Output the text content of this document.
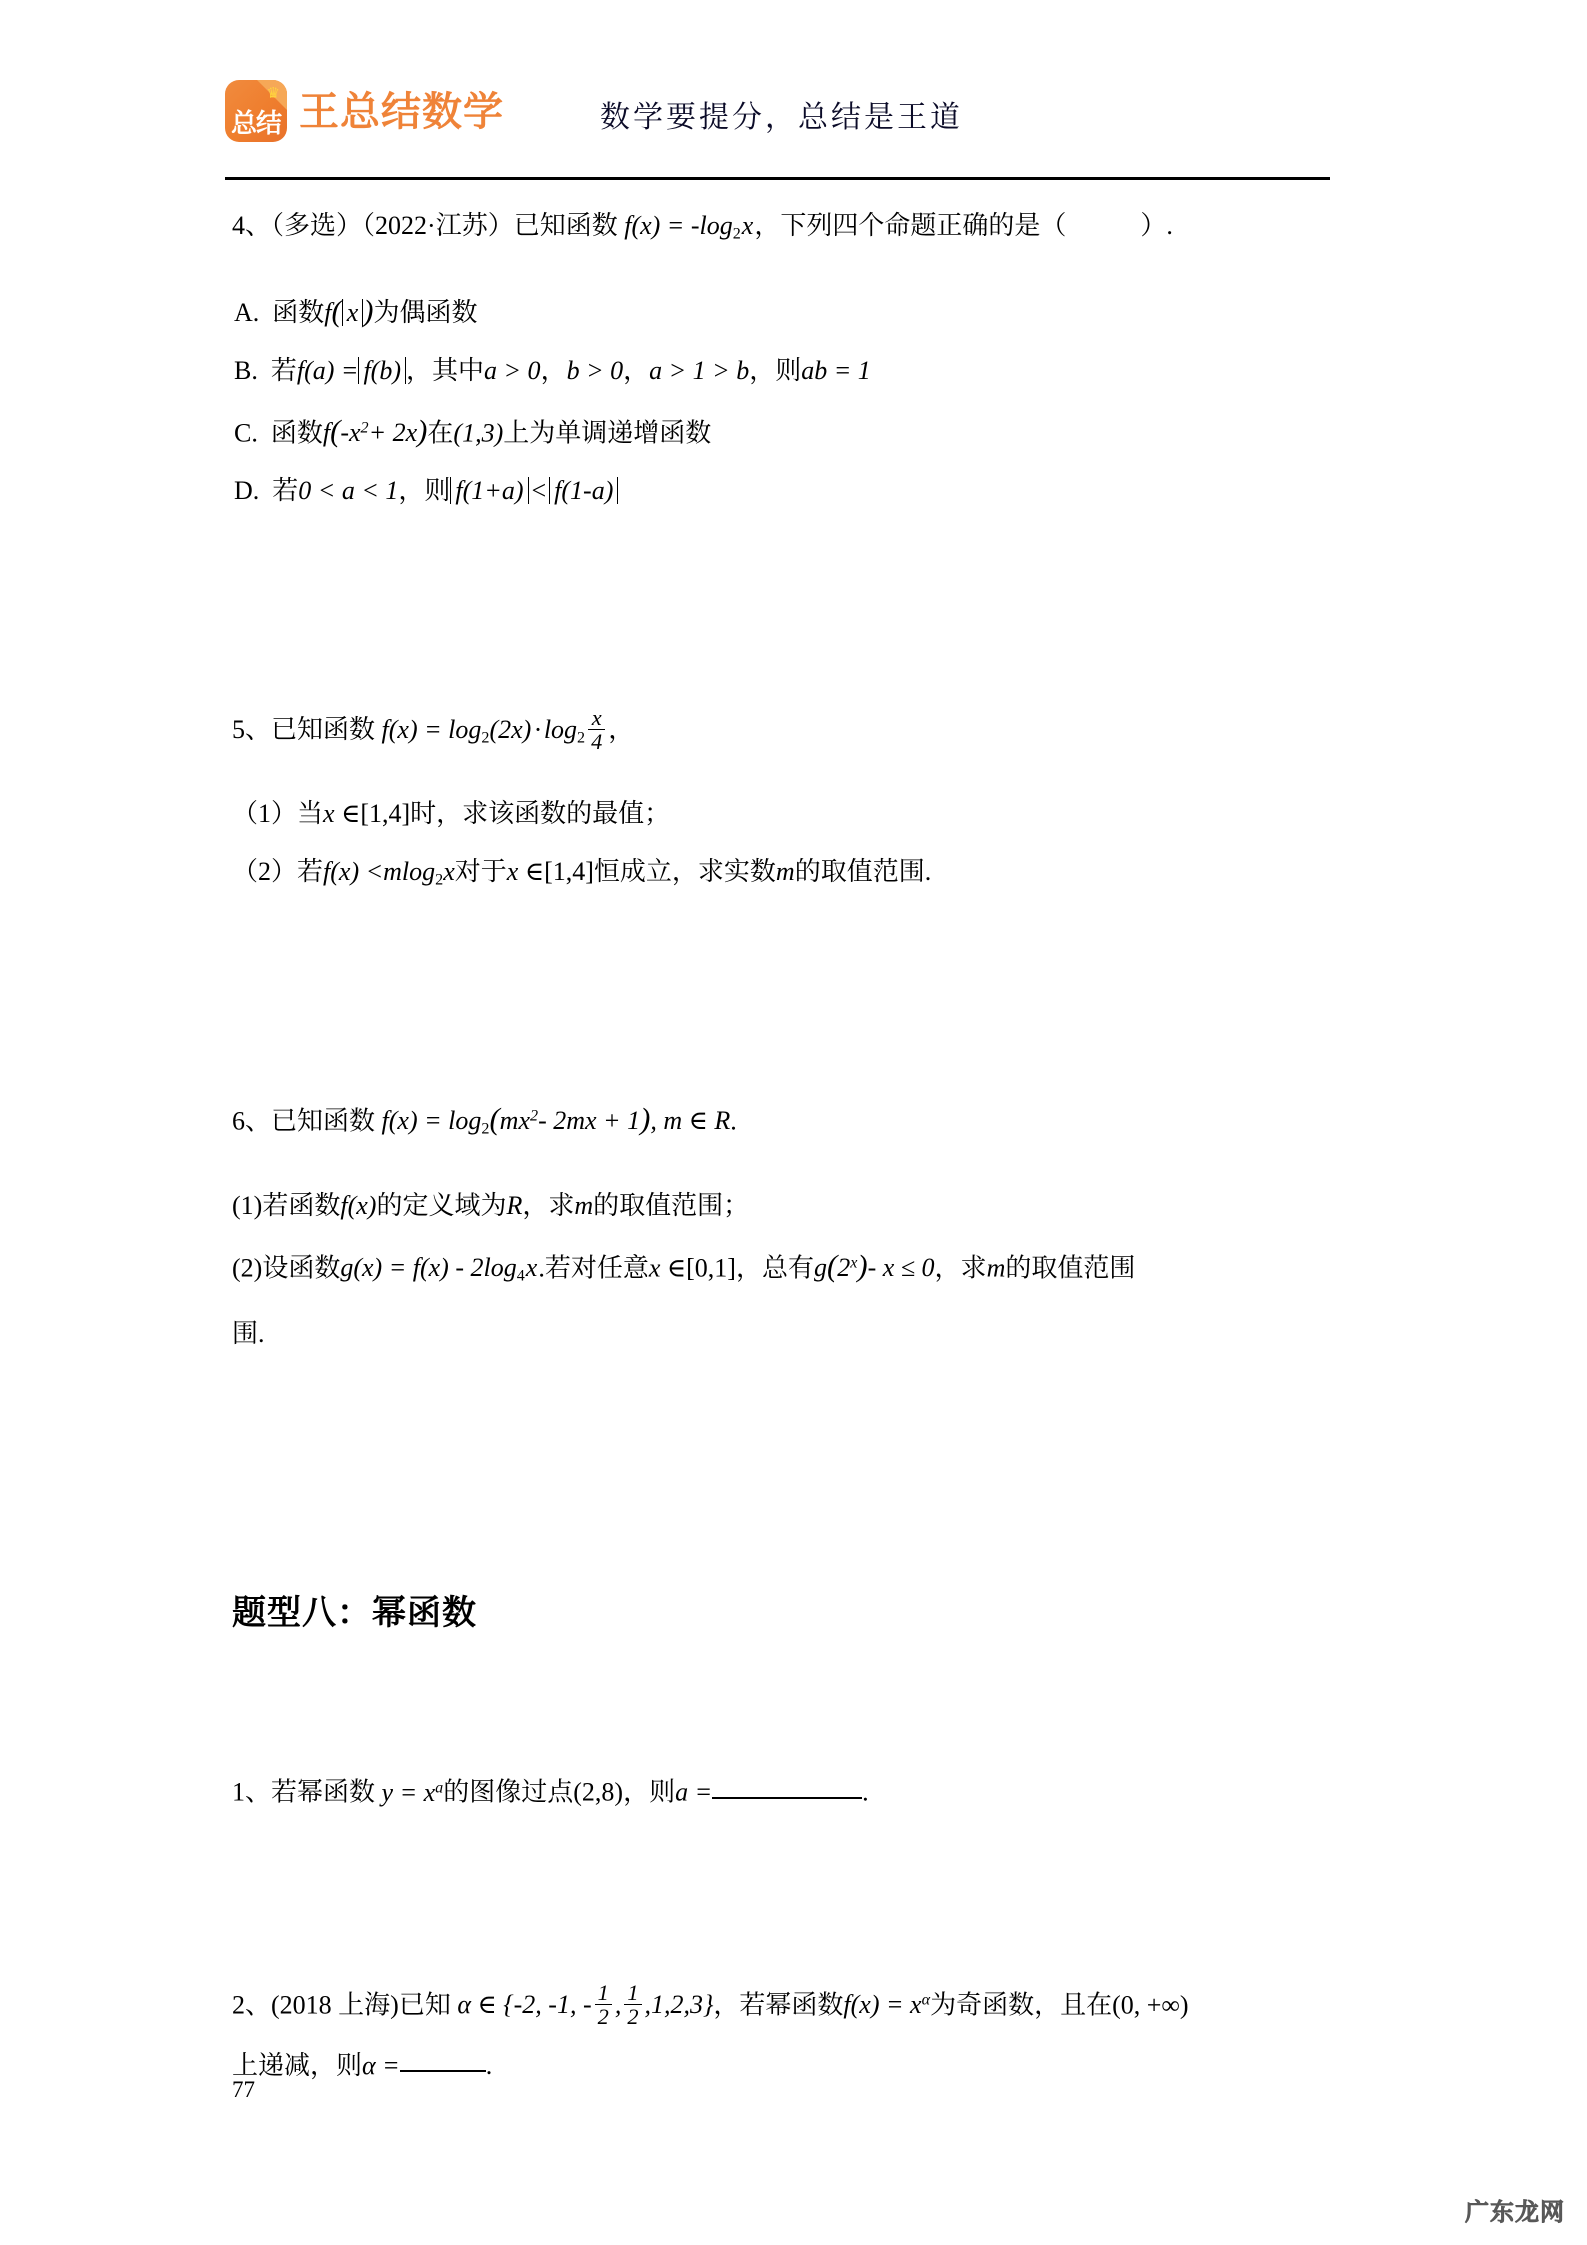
♛
总结 王总结数学	数学要提分，总结是王道
4、（多选）（2022·江苏）已知函数 $f(x) = -\log_2x$，下列四个命题正确的是（	）.
A. 函数f( x )为偶函数
B. 若f(a) = f(b) ，其中a > 0，b > 0，a > 1 > b，则ab = 1
C. 函数$f(-x^2+ 2x)$在(1,3)上为单调递增函数
D. 若0 < a < 1，则 f(1+a) < f(1-a)
5、已知函数 $f(x) = \log_2(2x) \cdot \log_2 \frac{x}{4}$ ，
（1）当x ∈[1,4]时，求该函数的最值；
（2）若f(x) <mlog$_2$x对于x ∈[1,4]恒成立，求实数m的取值范围.
6、已知函数 $f(x) = \log_2(mx^2-$ 2mx + 1), m ∈ R.
(1)若函数f(x)的定义域为R，求m的取值范围；
(2)设函数$g(x) = f(x) - 2\log_4x$.若对任意x ∈[0,1]，总有g(2$^x$)- x ≤ 0，求m的取值范围
围.
题型八：幂函数
1、若幂函数 $y = x^a$的图像过点(2,8)，则a =	.
2、(2018 上海)已知 α ∈ {-2, -1, - $\frac{1}{2}$ , $\frac{1}{2} ,1,2,3$}，若幂函数$f(x) = x^\alpha$为奇函数，且在(0, +∞)
上递减，则α =	.
77
广东龙网
